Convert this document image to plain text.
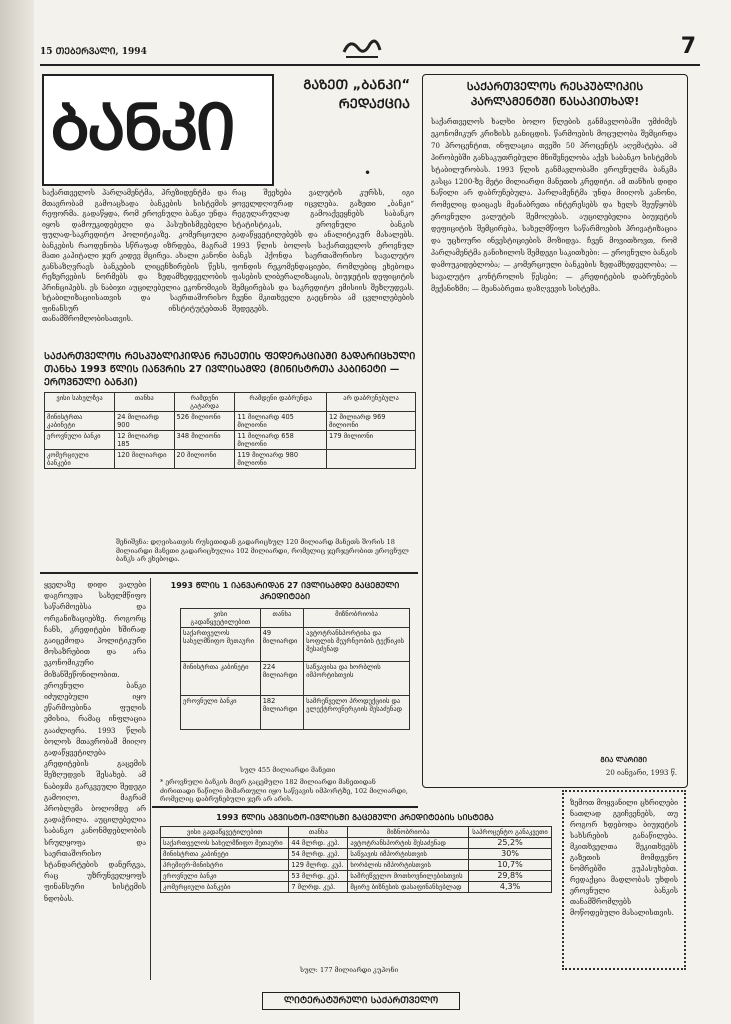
15 ᲗᲔᲑᲔᲠᲕᲐᲚᲘ, 1994	7
ᲑᲐᲜᲙᲘ
ᲒᲐᲖᲔᲗ „ᲑᲐᲜᲙᲘ“ ᲠᲔᲓᲐᲥᲪᲘᲐ
•
ᲡᲐᲥᲐᲠᲗᲕᲔᲚᲝᲡ ᲠᲔᲡᲞᲣᲑᲚᲘᲙᲘᲡ ᲞᲐᲠᲚᲐᲛᲔᲜᲢᲨᲘ ᲬᲐᲡᲐᲙᲘᲗᲮᲐᲓ!
საქართველოს ხალხი ბოლო წლების განმავლობაში უმძიმეს ეკონომიკურ კრიზისს განიცდის. წარმოების მოცულობა შემცირდა 70 პროცენტით, ინფლაცია თვეში 50 პროცენტს აღემატება. ამ პირობებში განსაკუთრებული მნიშვნელობა აქვს საბანკო სისტემის სტაბილურობას. 1993 წლის განმავლობაში ეროვნულმა ბანკმა გასცა 1200-ზე მეტი მილიარდი მანეთის კრედიტი. ამ თანხის დიდი ნაწილი არ დაბრუნებულა. პარლამენტმა უნდა მიიღოს კანონი, რომელიც დაიცავს მეანაბრეთა ინტერესებს და ხელს შეუწყობს ეროვნული ვალუტის შემოღებას. აუცილებელია ბიუჯეტის დეფიციტის შემცირება, სახელმწიფო საწარმოების პრივატიზაცია და უცხოური ინვესტიციების მოზიდვა. ჩვენ მოვითხოვთ, რომ პარლამენტმა განიხილოს შემდეგი საკითხები: — ეროვნული ბანკის დამოუკიდებლობა; — კომერციული ბანკების ზედამხედველობა; — სავალუტო კონტროლის წესები; — კრედიტების დაბრუნების მექანიზმი; — მეანაბრეთა დაზღვევის სისტემა.
ᲒᲘᲐ ᲚᲐᲠᲘᲛᲘ
20 იანვარი, 1993 წ.
საქართველოს პარლამენტმა, პრეზიდენტმა და მთავრობამ გამოაცხადა ბანკების სისტემის რეფორმა. გადაწყდა, რომ ეროვნული ბანკი უნდა იყოს დამოუკიდებელი და პასუხისმგებელი ფულად-საკრედიტო პოლიტიკაზე. კომერციული ბანკების რაოდენობა სწრაფად იზრდება, მაგრამ მათი კაპიტალი ჯერ კიდევ მცირეა. ახალი კანონი განსაზღვრავს ბანკების ლიცენზირების წესს, რეზერვების ნორმებს და ზედამხედველობის პრინციპებს. ეს ნაბიჯი აუცილებელია ეკონომიკის სტაბილიზაციისათვის და საერთაშორისო ფინანსურ ინსტიტუტებთან თანამშრომლობისათვის.
რაც შეეხება ვალუტის კურსს, იგი ყოველდღიურად იცვლება. გაზეთი „ბანკი“ რეგულარულად გამოაქვეყნებს საბანკო სტატისტიკას, ეროვნული ბანკის გადაწყვეტილებებს და ანალიტიკურ მასალებს. 1993 წლის ბოლოს საქართველოს ეროვნულ ბანკს ჰქონდა საერთაშორისო სავალუტო ფონდის რეკომენდაციები, რომლებიც ეხებოდა ფასების ლიბერალიზაციას, ბიუჯეტის დეფიციტის შემცირებას და საკრედიტო ემისიის შეზღუდვას. ჩვენი მკითხველი გაეცნობა ამ ცვლილებების შედეგებს.
ᲡᲐᲥᲐᲠᲗᲕᲔᲚᲝᲡ ᲠᲔᲡᲞᲣᲑᲚᲘᲙᲘᲓᲐᲜ ᲠᲣᲡᲔᲗᲘᲡ ᲤᲔᲓᲔᲠᲐᲪᲘᲐᲨᲘ ᲒᲐᲓᲐᲠᲘᲪᲮᲣᲚᲘ ᲗᲐᲜᲮᲐ 1993 ᲬᲚᲘᲡ ᲘᲐᲜᲕᲠᲘᲡ 27 ᲘᲕᲚᲘᲡᲐᲛᲓᲔ (ᲛᲘᲜᲘᲡᲢᲠᲗᲐ ᲙᲐᲑᲘᲜᲔᲢᲘ — ᲔᲠᲝᲕᲜᲣᲚᲘ ᲑᲐᲜᲙᲘ)
ვისი სახელზეა	თანხა	რამდენი გატარდა	რამდენი დაბრუნდა	არ დაბრუნებულა
მინისტრთა კაბინეტი	24 მილიარდ 900	526 მილიონი	11 მილიარდ 405 მილიონი	12 მილიარდ 969 მილიონი
ეროვნული ბანკი	12 მილიარდ 185	348 მილიონი	11 მილიარდ 658 მილიონი	179 მილიონი
კომერციული ბანკები	120 მილიარდი	20 მილიონი	119 მილიარდ 980 მილიონი	
შენიშვნა: დღეისათვის რუსეთიდან გადარიცხულ 120 მილიარდ მანეთს შორის 18 მილიარდი მანეთი გადარიცხულია 102 მილიარდი, რომელიც ჯერჯერობით ეროვნულ ბანკს არ ეხებოდა.
ყველაზე დიდი ვალები დაგროვდა სახელმწიფო საწარმოებსა და ორგანიზაციებზე. როგორც ჩანს, კრედიტები ხშირად გაიცემოდა პოლიტიკური მოსაზრებით და არა ეკონომიკური მიზანშეწონილობით. ეროვნული ბანკი იძულებული იყო ეწარმოებინა ფულის ემისია, რამაც ინფლაცია გააძლიერა. 1993 წლის ბოლოს მთავრობამ მიიღო გადაწყვეტილება კრედიტების გაცემის შეზღუდვის შესახებ. ამ ნაბიჯმა გარკვეული შედეგი გამოიღო, მაგრამ პრობლემა ბოლომდე არ გადაჭრილა. აუცილებელია საბანკო კანონმდებლობის სრულყოფა და საერთაშორისო სტანდარტების დანერგვა, რაც უზრუნველყოფს ფინანსური სისტემის ნდობას.
1993 ᲬᲚᲘᲡ 1 ᲘᲐᲜᲕᲐᲠᲘᲓᲐᲜ 27 ᲘᲕᲚᲘᲡᲐᲛᲓᲔ ᲒᲐᲪᲔᲛᲣᲚᲘ ᲙᲠᲔᲓᲘᲢᲔᲑᲘ
ვისი გადაწყვეტილებით	თანხა	მიზნობრიობა
საქართველოს სახელმწიფო მეთაური	49 მილიარდი	ავტოტრანსპორტისა და სოფლის მეურნეობის ტექნიკის შესაძენად
მინისტრთა კაბინეტი	224 მილიარდი	საწვავისა და ხორბლის იმპორტისთვის
ეროვნული ბანკი	182 მილიარდი	სამრეწველო პროდუქციის და ელექტროენერგიის შესაძენად
სულ 455 მილიარდი მანეთი
* ეროვნული ბანკის მიერ გაცემული 182 მილიარდი მანეთიდან ძირითადი ნაწილი მიმართული იყო საწვავის იმპორტზე, 102 მილიარდი, რომელიც დაბრუნებული ჯერ არ არის.
1993 ᲬᲚᲘᲡ ᲐᲒᲕᲘᲡᲢᲝ-ᲘᲕᲚᲘᲡᲨᲘ ᲒᲐᲪᲔᲛᲣᲚᲘ ᲙᲠᲔᲓᲘᲢᲔᲑᲘᲡ ᲡᲘᲡᲢᲔᲛᲐ
ვისი გადაწყვეტილებით	თანხა	მიზნობრიობა	საპროცენტო განაკვეთი
საქართველოს სახელმწიფო მეთაური	44 მლრდ. კუპ.	ავტოტრანსპორტის შესაძენად	25,2%
მინისტრთა კაბინეტი	54 მლრდ. კუპ.	საწვავის იმპორტისთვის	30%
პრემიერ-მინისტრი	129 მლრდ. კუპ.	ხორბლის იმპორტისთვის	10,7%
ეროვნული ბანკი	53 მლრდ. კუპ.	სამრეწველო მოთხოვნილებისთვის	29,8%
კომერციული ბანკები	7 მლრდ. კუპ.	მცირე ბიზნესის დასაფინანსებლად	4,3%
სულ: 177 მილიარდი კუპონი
ზემოთ მოყვანილი ცხრილები ნათლად გვიჩვენებს, თუ როგორ ხდებოდა ბიუჯეტის სახსრების განაწილება. მკითხველთა შეკითხვებს გაზეთის მომდევნო ნომრებში ვუპასუხებთ. რედაქცია მადლობას უხდის ეროვნული ბანკის თანამშრომლებს მოწოდებული მასალისთვის.
ᲚᲘᲢᲔᲠᲐᲢᲣᲠᲣᲚᲘ ᲡᲐᲥᲐᲠᲗᲕᲔᲚᲝ
